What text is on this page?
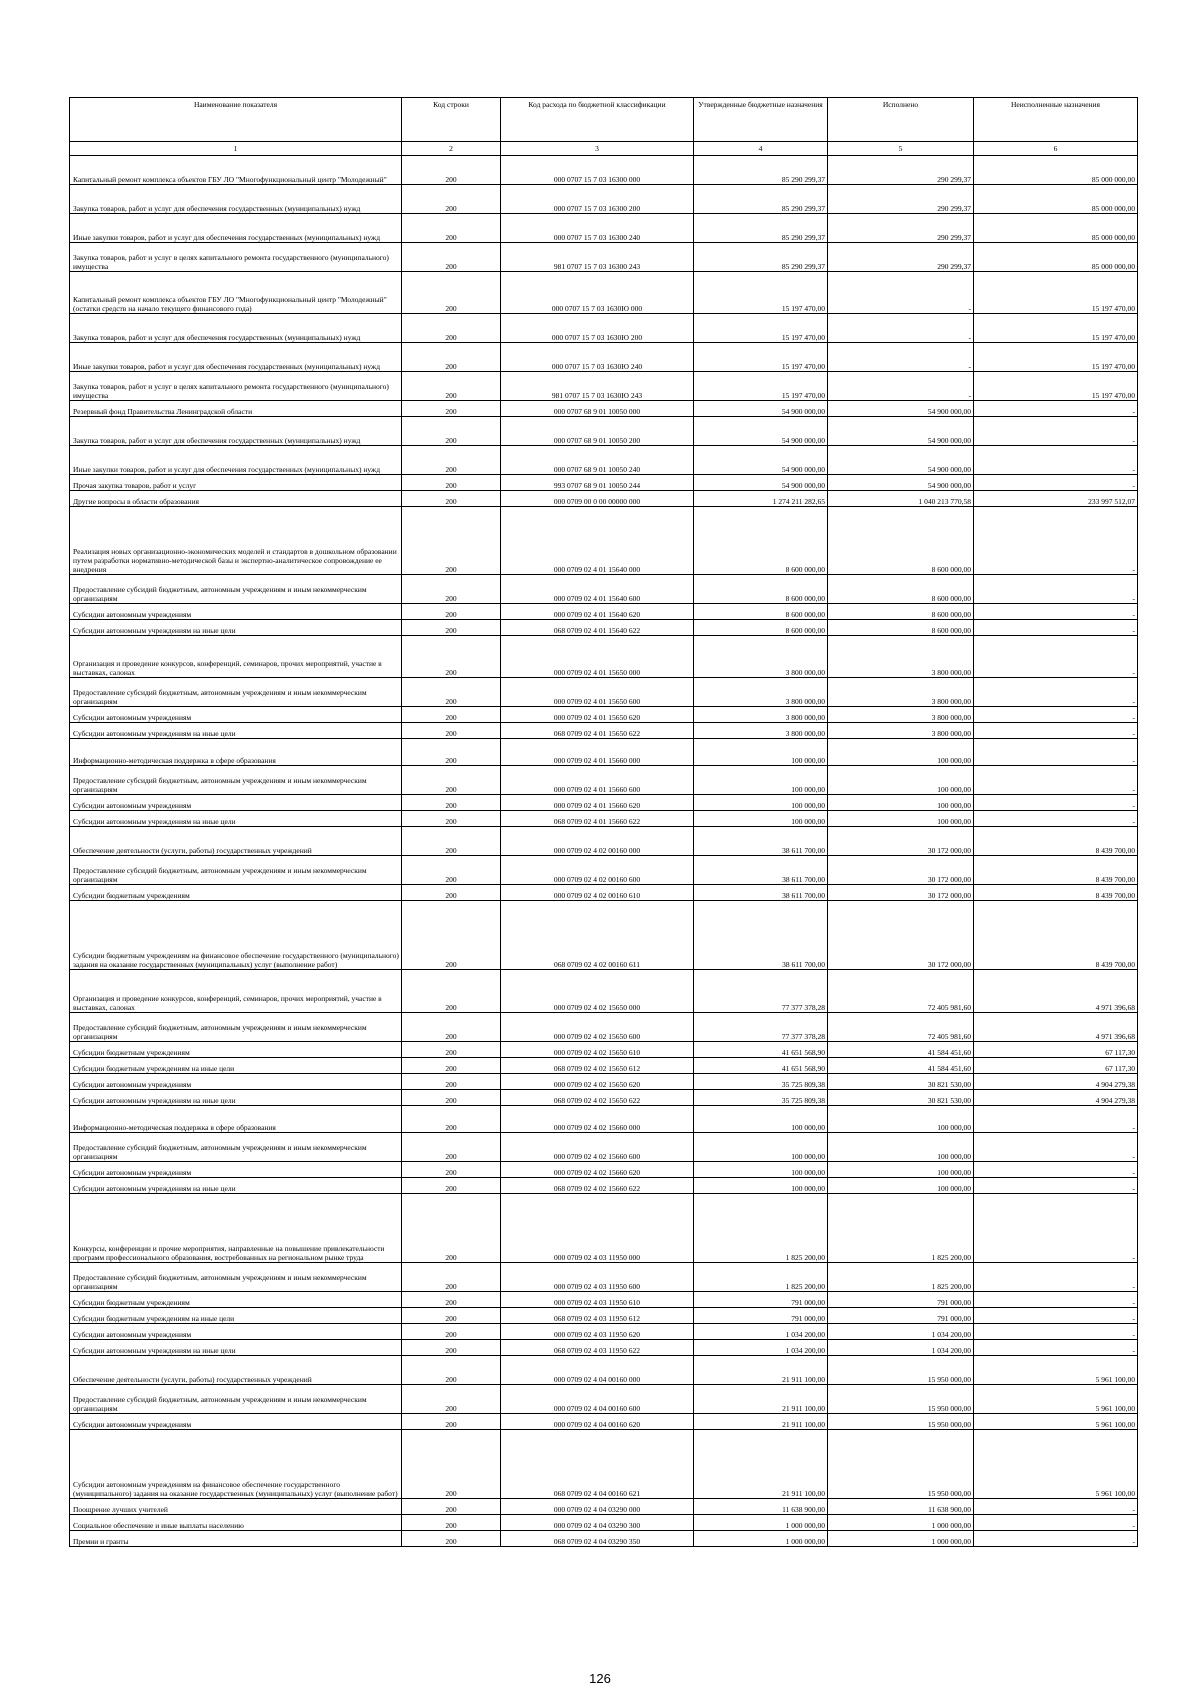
Наименование показателя	Код строки	Код расхода по бюджетной классификации	Утвержденные бюджетные назначения	Исполнено	Неисполненные назначения
1	2	3	4	5	6
Капитальный ремонт комплекса объектов ГБУ ЛО "Многофункциональный центр "Молодежный"	200	000 0707 15 7 03 16300 000	85 290 299,37	290 299,37	85 000 000,00
Закупка товаров, работ и услуг для обеспечения государственных (муниципальных) нужд	200	000 0707 15 7 03 16300 200	85 290 299,37	290 299,37	85 000 000,00
Иные закупки товаров, работ и услуг для обеспечения государственных (муниципальных) нужд	200	000 0707 15 7 03 16300 240	85 290 299,37	290 299,37	85 000 000,00
Закупка товаров, работ и услуг в целях капитального ремонта государственного (муниципального) имущества	200	981 0707 15 7 03 16300 243	85 290 299,37	290 299,37	85 000 000,00
Капитальный ремонт комплекса объектов ГБУ ЛО "Многофункциональный центр "Молодежный" (остатки средств на начало текущего финансового года)	200	000 0707 15 7 03 1630Ю 000	15 197 470,00	-	15 197 470,00
Закупка товаров, работ и услуг для обеспечения государственных (муниципальных) нужд	200	000 0707 15 7 03 1630Ю 200	15 197 470,00	-	15 197 470,00
Иные закупки товаров, работ и услуг для обеспечения государственных (муниципальных) нужд	200	000 0707 15 7 03 1630Ю 240	15 197 470,00	-	15 197 470,00
Закупка товаров, работ и услуг в целях капитального ремонта государственного (муниципального) имущества	200	981 0707 15 7 03 1630Ю 243	15 197 470,00	-	15 197 470,00
Резервный фонд Правительства Ленинградской области	200	000 0707 68 9 01 10050 000	54 900 000,00	54 900 000,00	-
Закупка товаров, работ и услуг для обеспечения государственных (муниципальных) нужд	200	000 0707 68 9 01 10050 200	54 900 000,00	54 900 000,00	-
Иные закупки товаров, работ и услуг для обеспечения государственных (муниципальных) нужд	200	000 0707 68 9 01 10050 240	54 900 000,00	54 900 000,00	-
Прочая закупка товаров, работ и услуг	200	993 0707 68 9 01 10050 244	54 900 000,00	54 900 000,00	-
Другие вопросы в области образования	200	000 0709 00 0 00 00000 000	1 274 211 282,65	1 040 213 770,58	233 997 512,07
Реализация новых организационно-экономических моделей и стандартов в дошкольном образовании путем разработки нормативно-методической базы и экспертно-аналитическое сопровождение ее внедрения	200	000 0709 02 4 01 15640 000	8 600 000,00	8 600 000,00	-
Предоставление субсидий бюджетным, автономным учреждениям и иным некоммерческим организациям	200	000 0709 02 4 01 15640 600	8 600 000,00	8 600 000,00	-
Субсидии автономным учреждениям	200	000 0709 02 4 01 15640 620	8 600 000,00	8 600 000,00	-
Субсидии автономным учреждениям на иные цели	200	068 0709 02 4 01 15640 622	8 600 000,00	8 600 000,00	-
Организация и проведение конкурсов, конференций, семинаров, прочих мероприятий, участие в выставках, салонах	200	000 0709 02 4 01 15650 000	3 800 000,00	3 800 000,00	-
Предоставление субсидий бюджетным, автономным учреждениям и иным некоммерческим организациям	200	000 0709 02 4 01 15650 600	3 800 000,00	3 800 000,00	-
Субсидии автономным учреждениям	200	000 0709 02 4 01 15650 620	3 800 000,00	3 800 000,00	-
Субсидии автономным учреждениям на иные цели	200	068 0709 02 4 01 15650 622	3 800 000,00	3 800 000,00	-
Информационно-методическая поддержка в сфере образования	200	000 0709 02 4 01 15660 000	100 000,00	100 000,00	-
Предоставление субсидий бюджетным, автономным учреждениям и иным некоммерческим организациям	200	000 0709 02 4 01 15660 600	100 000,00	100 000,00	-
Субсидии автономным учреждениям	200	000 0709 02 4 01 15660 620	100 000,00	100 000,00	-
Субсидии автономным учреждениям на иные цели	200	068 0709 02 4 01 15660 622	100 000,00	100 000,00	-
Обеспечение деятельности (услуги, работы) государственных учреждений	200	000 0709 02 4 02 00160 000	38 611 700,00	30 172 000,00	8 439 700,00
Предоставление субсидий бюджетным, автономным учреждениям и иным некоммерческим организациям	200	000 0709 02 4 02 00160 600	38 611 700,00	30 172 000,00	8 439 700,00
Субсидии бюджетным учреждениям	200	000 0709 02 4 02 00160 610	38 611 700,00	30 172 000,00	8 439 700,00
Субсидии бюджетным учреждениям на финансовое обеспечение государственного (муниципального) задания на оказание государственных (муниципальных) услуг (выполнение работ)	200	068 0709 02 4 02 00160 611	38 611 700,00	30 172 000,00	8 439 700,00
Организация и проведение конкурсов, конференций, семинаров, прочих мероприятий, участие в выставках, салонах	200	000 0709 02 4 02 15650 000	77 377 378,28	72 405 981,60	4 971 396,68
Предоставление субсидий бюджетным, автономным учреждениям и иным некоммерческим организациям	200	000 0709 02 4 02 15650 600	77 377 378,28	72 405 981,60	4 971 396,68
Субсидии бюджетным учреждениям	200	000 0709 02 4 02 15650 610	41 651 568,90	41 584 451,60	67 117,30
Субсидии бюджетным учреждениям на иные цели	200	068 0709 02 4 02 15650 612	41 651 568,90	41 584 451,60	67 117,30
Субсидии автономным учреждениям	200	000 0709 02 4 02 15650 620	35 725 809,38	30 821 530,00	4 904 279,38
Субсидии автономным учреждениям на иные цели	200	068 0709 02 4 02 15650 622	35 725 809,38	30 821 530,00	4 904 279,38
Информационно-методическая поддержка в сфере образования	200	000 0709 02 4 02 15660 000	100 000,00	100 000,00	-
Предоставление субсидий бюджетным, автономным учреждениям и иным некоммерческим организациям	200	000 0709 02 4 02 15660 600	100 000,00	100 000,00	-
Субсидии автономным учреждениям	200	000 0709 02 4 02 15660 620	100 000,00	100 000,00	-
Субсидии автономным учреждениям на иные цели	200	068 0709 02 4 02 15660 622	100 000,00	100 000,00	-
Конкурсы, конференции и прочие мероприятия, направленные на повышение привлекательности программ профессионального образования, востребованных на региональном рынке труда	200	000 0709 02 4 03 11950 000	1 825 200,00	1 825 200,00	-
Предоставление субсидий бюджетным, автономным учреждениям и иным некоммерческим организациям	200	000 0709 02 4 03 11950 600	1 825 200,00	1 825 200,00	-
Субсидии бюджетным учреждениям	200	000 0709 02 4 03 11950 610	791 000,00	791 000,00	-
Субсидии бюджетным учреждениям на иные цели	200	068 0709 02 4 03 11950 612	791 000,00	791 000,00	-
Субсидии автономным учреждениям	200	000 0709 02 4 03 11950 620	1 034 200,00	1 034 200,00	-
Субсидии автономным учреждениям на иные цели	200	068 0709 02 4 03 11950 622	1 034 200,00	1 034 200,00	-
Обеспечение деятельности (услуги, работы) государственных учреждений	200	000 0709 02 4 04 00160 000	21 911 100,00	15 950 000,00	5 961 100,00
Предоставление субсидий бюджетным, автономным учреждениям и иным некоммерческим организациям	200	000 0709 02 4 04 00160 600	21 911 100,00	15 950 000,00	5 961 100,00
Субсидии автономным учреждениям	200	000 0709 02 4 04 00160 620	21 911 100,00	15 950 000,00	5 961 100,00
Субсидии автономным учреждениям на финансовое обеспечение государственного (муниципального) задания на оказание государственных (муниципальных) услуг (выполнение работ)	200	068 0709 02 4 04 00160 621	21 911 100,00	15 950 000,00	5 961 100,00
Поощрение лучших учителей	200	000 0709 02 4 04 03290 000	11 638 900,00	11 638 900,00	-
Социальное обеспечение и иные выплаты населению	200	000 0709 02 4 04 03290 300	1 000 000,00	1 000 000,00	-
Премии и гранты	200	068 0709 02 4 04 03290 350	1 000 000,00	1 000 000,00	-
126
